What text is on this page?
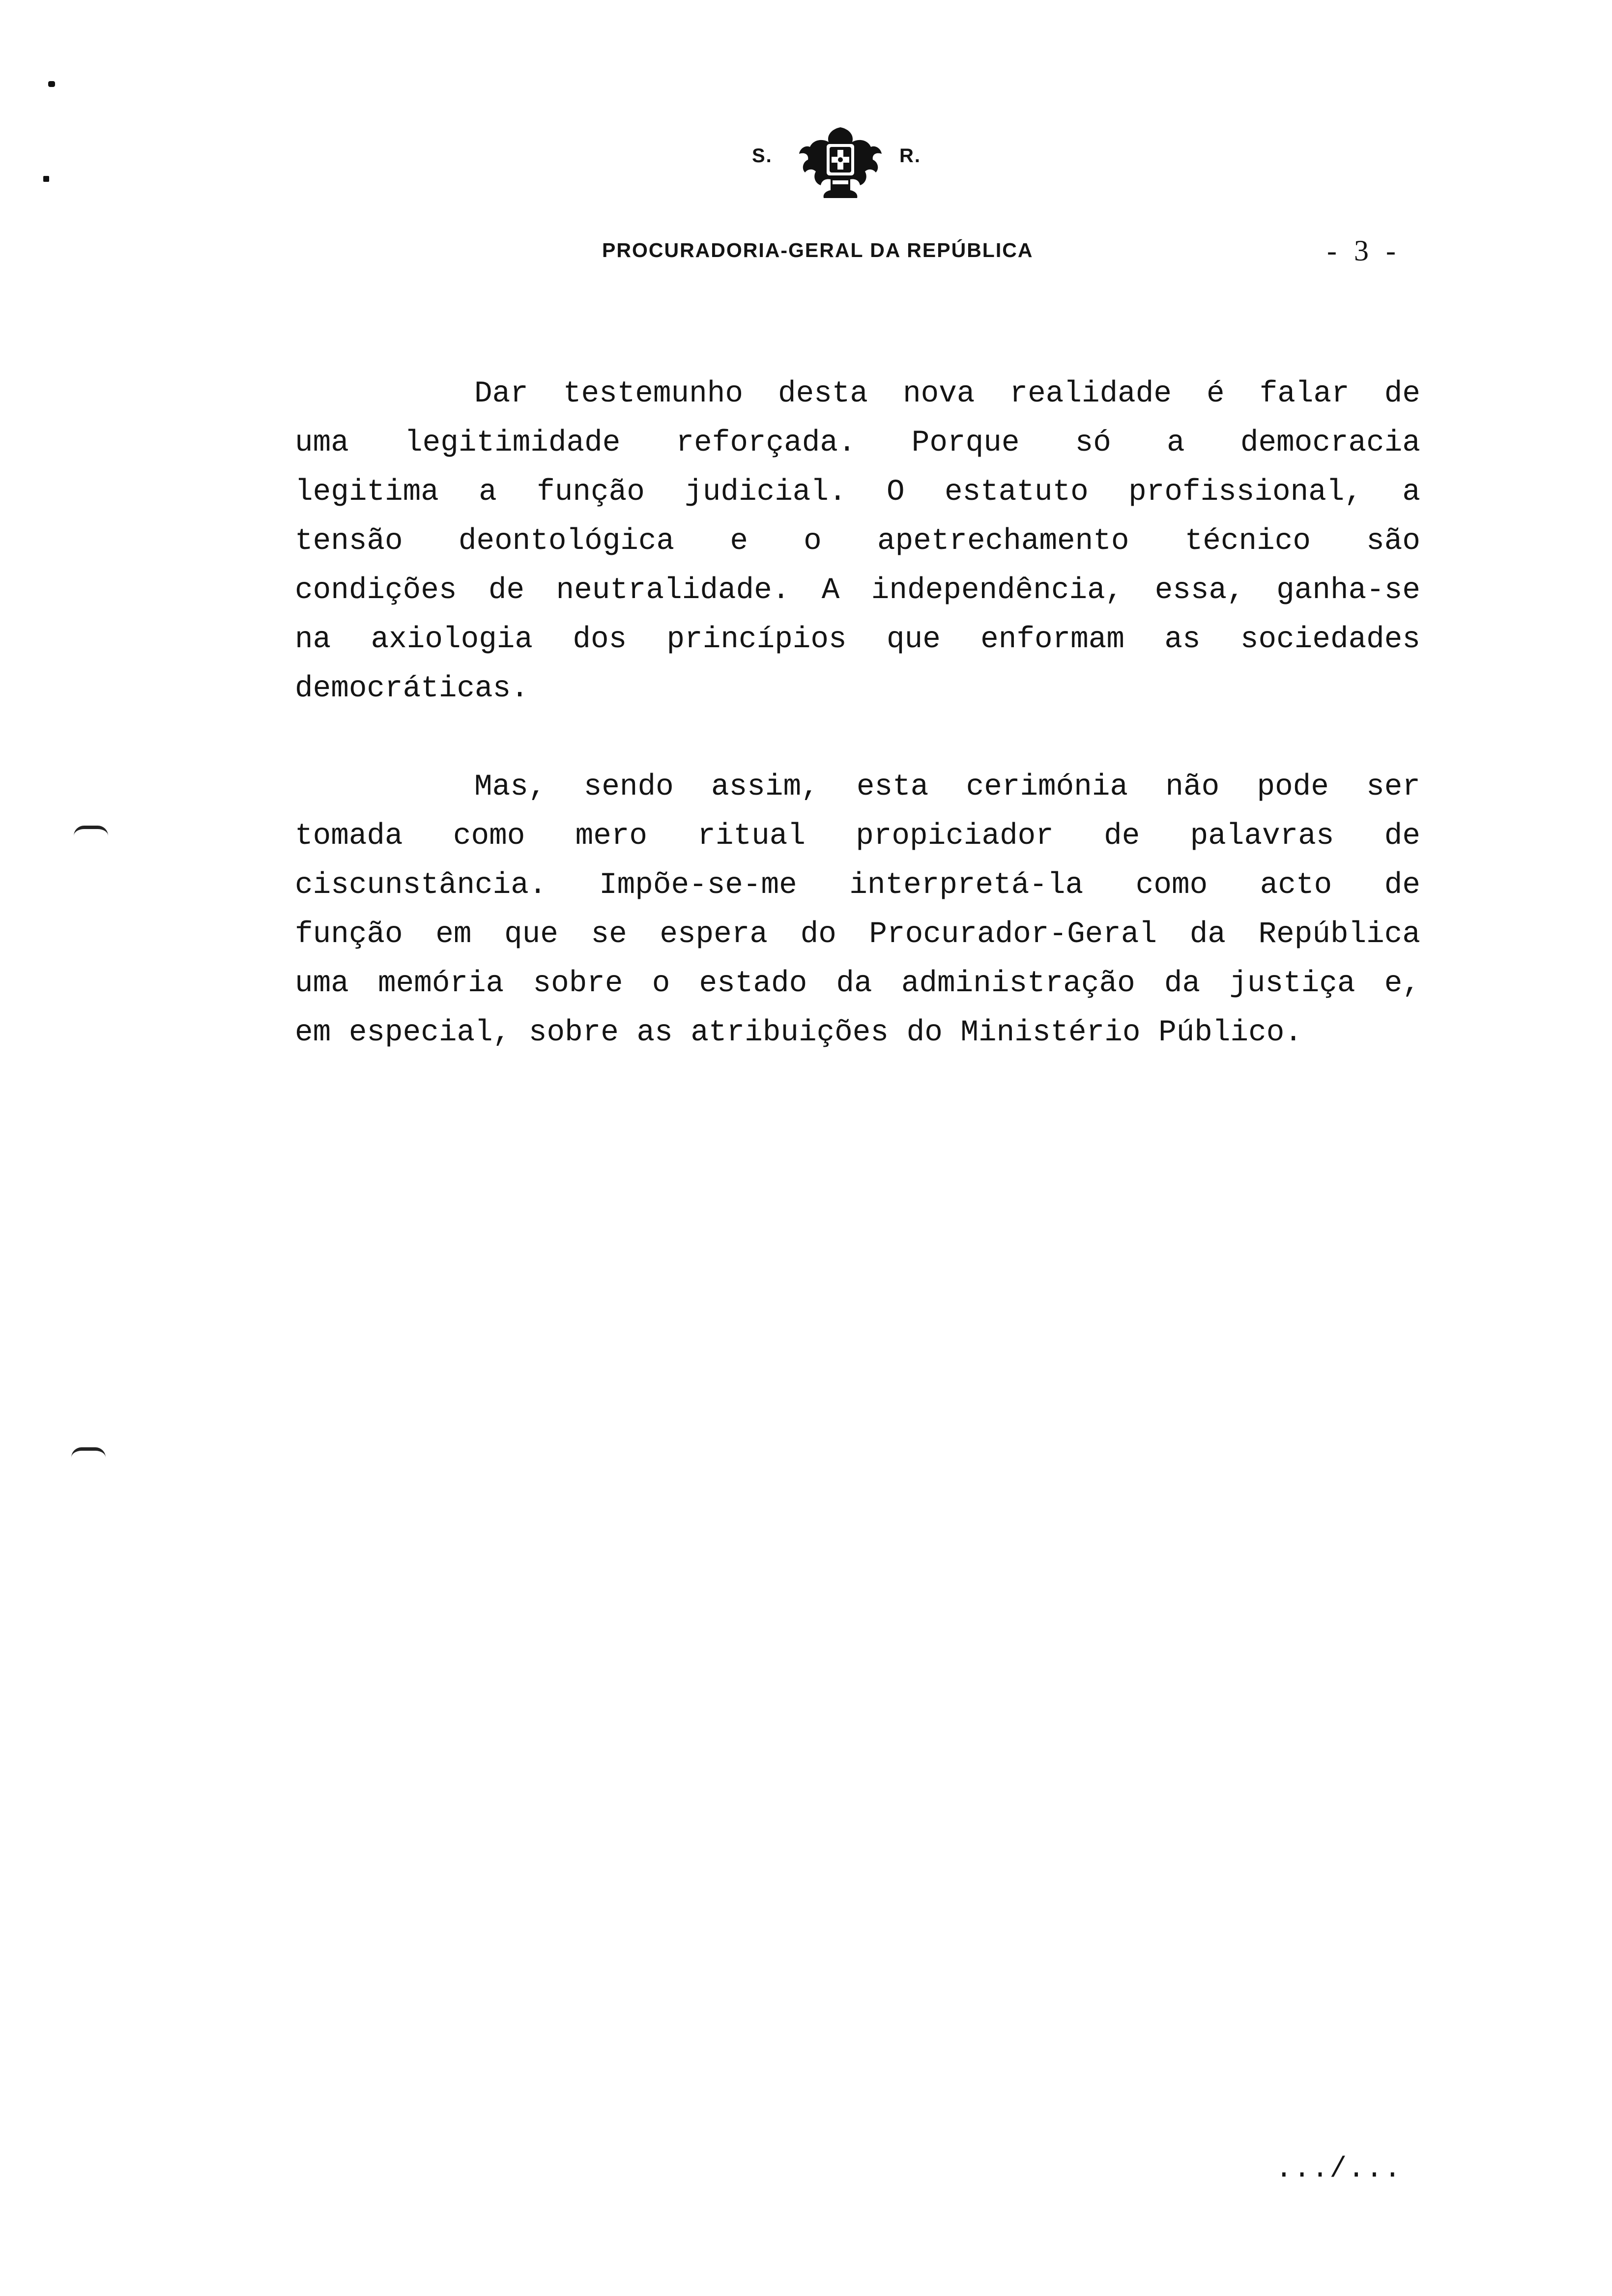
S.	R.
PROCURADORIA-GERAL DA REPÚBLICA	- 3 -
Dar testemunho desta nova realidade é falar de
uma legitimidade reforçada. Porque só a democracia
legitima a função judicial. O estatuto profissional, a
tensão deontológica e o apetrechamento técnico são
condições de neutralidade. A independência, essa, ganha-se
na axiologia dos princípios que enformam as sociedades
democráticas.
Mas, sendo assim, esta cerimónia não pode ser
tomada como mero ritual propiciador de palavras de
ciscunstância. Impõe-se-me interpretá-la como acto de
função em que se espera do Procurador-Geral da República
uma memória sobre o estado da administração da justiça e,
em especial, sobre as atribuições do Ministério Público.
.../...
